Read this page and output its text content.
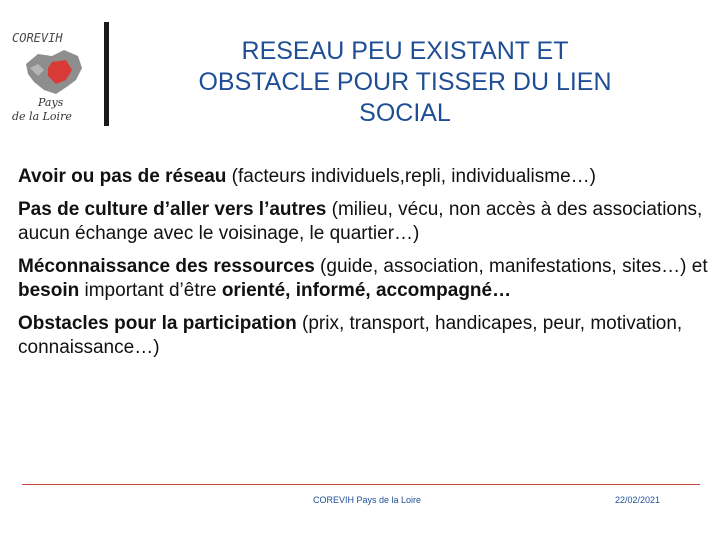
COREVIH
Pays
de la Loire
RESEAU PEU EXISTANT ET
OBSTACLE POUR TISSER DU LIEN
SOCIAL

Avoir ou pas de réseau (facteurs individuels,repli, individualisme…)

Pas de culture d’aller vers l’autres (milieu, vécu, non accès à des associations, aucun échange avec le voisinage, le quartier…)

Méconnaissance des ressources (guide, association, manifestations, sites…) et besoin important d’être orienté, informé, accompagné…

Obstacles pour la participation (prix, transport, handicapes, peur, motivation, connaissance…)

COREVIH Pays de la Loire	22/02/2021
